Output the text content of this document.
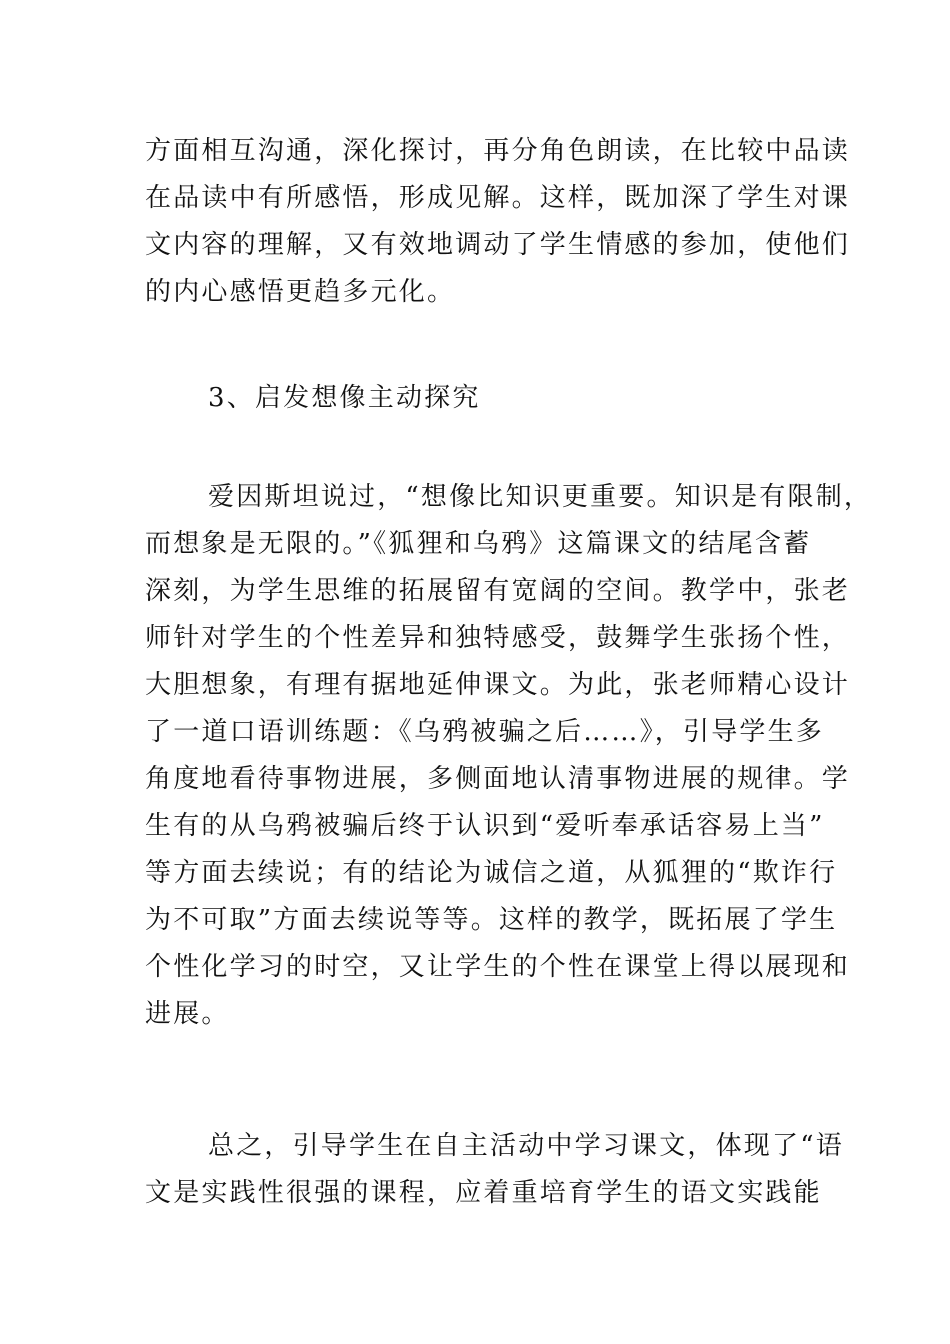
方面相互沟通，深化探讨，再分角色朗读，在比较中品读
在品读中有所感悟，形成见解。这样，既加深了学生对课
文内容的理解，又有效地调动了学生情感的参加，使他们
的内心感悟更趋多元化。
3、启发想像主动探究
爱因斯坦说过，“想像比知识更重要。知识是有限制，
而想象是无限的。”《狐狸和乌鸦》这篇课文的结尾含蓄
深刻，为学生思维的拓展留有宽阔的空间。教学中，张老
师针对学生的个性差异和独特感受，鼓舞学生张扬个性，
大胆想象，有理有据地延伸课文。为此，张老师精心设计
了一道口语训练题：《乌鸦被骗之后……》，引导学生多
角度地看待事物进展，多侧面地认清事物进展的规律。学
生有的从乌鸦被骗后终于认识到“爱听奉承话容易上当”
等方面去续说；有的结论为诚信之道，从狐狸的“欺诈行
为不可取”方面去续说等等。这样的教学，既拓展了学生
个性化学习的时空，又让学生的个性在课堂上得以展现和
进展。
总之，引导学生在自主活动中学习课文，体现了“语
文是实践性很强的课程，应着重培育学生的语文实践能
